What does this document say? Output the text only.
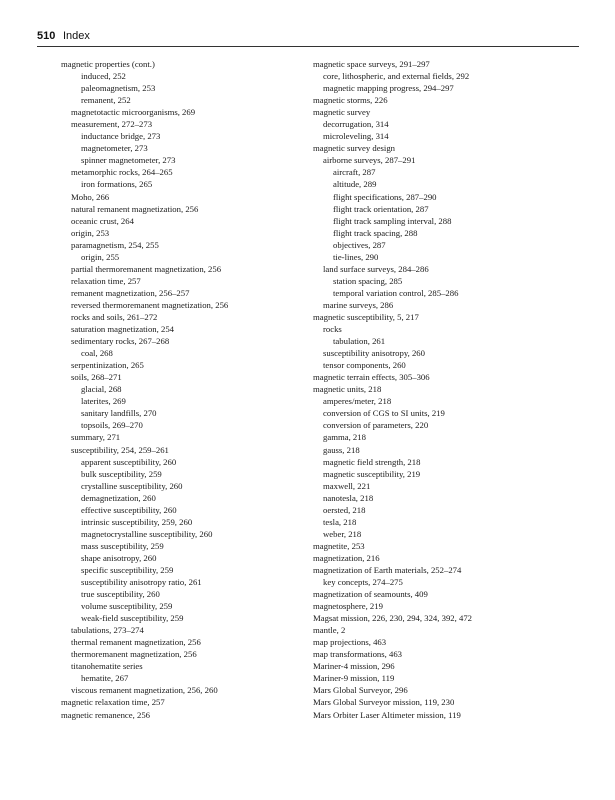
510 Index
magnetic properties (cont.)
induced, 252
paleomagnetism, 253
remanent, 252
magnetotactic microorganisms, 269
measurement, 272–273
inductance bridge, 273
magnetometer, 273
spinner magnetometer, 273
metamorphic rocks, 264–265
iron formations, 265
Moho, 266
natural remanent magnetization, 256
oceanic crust, 264
origin, 253
paramagnetism, 254, 255
origin, 255
partial thermoremanent magnetization, 256
relaxation time, 257
remanent magnetization, 256–257
reversed thermoremanent magnetization, 256
rocks and soils, 261–272
saturation magnetization, 254
sedimentary rocks, 267–268
coal, 268
serpentinization, 265
soils, 268–271
glacial, 268
laterites, 269
sanitary landfills, 270
topsoils, 269–270
summary, 271
susceptibility, 254, 259–261
apparent susceptibility, 260
bulk susceptibility, 259
crystalline susceptibility, 260
demagnetization, 260
effective susceptibility, 260
intrinsic susceptibility, 259, 260
magnetocrystalline susceptibility, 260
mass susceptibility, 259
shape anisotropy, 260
specific susceptibility, 259
susceptibility anisotropy ratio, 261
true susceptibility, 260
volume susceptibility, 259
weak-field susceptibility, 259
tabulations, 273–274
thermal remanent magnetization, 256
thermoremanent magnetization, 256
titanohematite series
hematite, 267
viscous remanent magnetization, 256, 260
magnetic relaxation time, 257
magnetic remanence, 256
magnetic space surveys, 291–297
core, lithospheric, and external fields, 292
magnetic mapping progress, 294–297
magnetic storms, 226
magnetic survey
decorrugation, 314
microleveling, 314
magnetic survey design
airborne surveys, 287–291
aircraft, 287
altitude, 289
flight specifications, 287–290
flight track orientation, 287
flight track sampling interval, 288
flight track spacing, 288
objectives, 287
tie-lines, 290
land surface surveys, 284–286
station spacing, 285
temporal variation control, 285–286
marine surveys, 286
magnetic susceptibility, 5, 217
rocks
tabulation, 261
susceptibility anisotropy, 260
tensor components, 260
magnetic terrain effects, 305–306
magnetic units, 218
amperes/meter, 218
conversion of CGS to SI units, 219
conversion of parameters, 220
gamma, 218
gauss, 218
magnetic field strength, 218
magnetic susceptibility, 219
maxwell, 221
nanotesla, 218
oersted, 218
tesla, 218
weber, 218
magnetite, 253
magnetization, 216
magnetization of Earth materials, 252–274
key concepts, 274–275
magnetization of seamounts, 409
magnetosphere, 219
Magsat mission, 226, 230, 294, 324, 392, 472
mantle, 2
map projections, 463
map transformations, 463
Mariner-4 mission, 296
Mariner-9 mission, 119
Mars Global Surveyor, 296
Mars Global Surveyor mission, 119, 230
Mars Orbiter Laser Altimeter mission, 119
